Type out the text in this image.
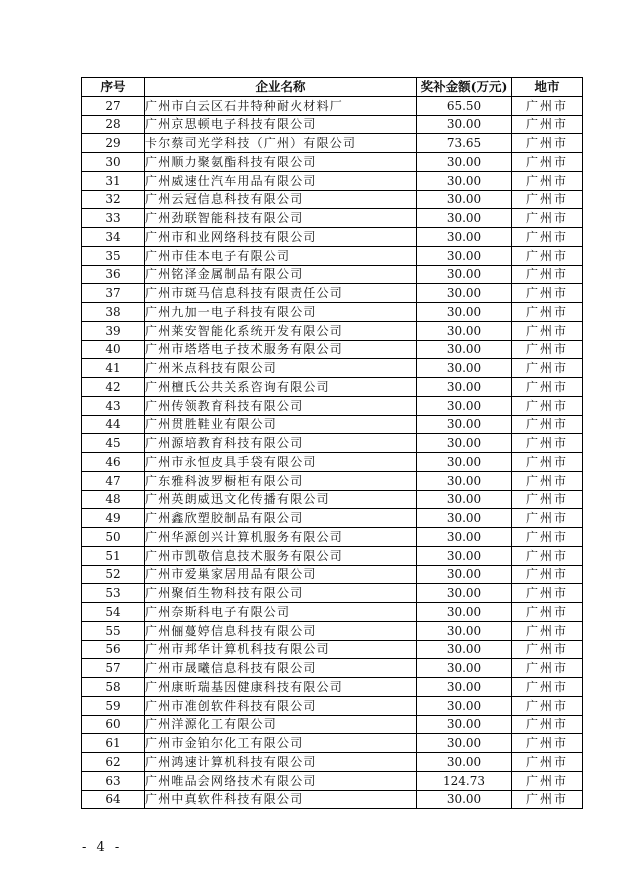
序号	企业名称	奖补金额(万元)	地市
27	广州市白云区石井特种耐火材料厂	65.50	广州市
28	广州京思顿电子科技有限公司	30.00	广州市
29	卡尔蔡司光学科技（广州）有限公司	73.65	广州市
30	广州顺力聚氨酯科技有限公司	30.00	广州市
31	广州威速仕汽车用品有限公司	30.00	广州市
32	广州云冠信息科技有限公司	30.00	广州市
33	广州劲联智能科技有限公司	30.00	广州市
34	广州市和业网络科技有限公司	30.00	广州市
35	广州市佳本电子有限公司	30.00	广州市
36	广州铭泽金属制品有限公司	30.00	广州市
37	广州市斑马信息科技有限责任公司	30.00	广州市
38	广州九加一电子科技有限公司	30.00	广州市
39	广州莱安智能化系统开发有限公司	30.00	广州市
40	广州市塔塔电子技术服务有限公司	30.00	广州市
41	广州米点科技有限公司	30.00	广州市
42	广州檀氏公共关系咨询有限公司	30.00	广州市
43	广州传领教育科技有限公司	30.00	广州市
44	广州贯胜鞋业有限公司	30.00	广州市
45	广州源培教育科技有限公司	30.00	广州市
46	广州市永恒皮具手袋有限公司	30.00	广州市
47	广东雅科波罗橱柜有限公司	30.00	广州市
48	广州英朗威迅文化传播有限公司	30.00	广州市
49	广州鑫欣塑胶制品有限公司	30.00	广州市
50	广州华源创兴计算机服务有限公司	30.00	广州市
51	广州市凯敬信息技术服务有限公司	30.00	广州市
52	广州市爱巢家居用品有限公司	30.00	广州市
53	广州聚佰生物科技有限公司	30.00	广州市
54	广州奈斯科电子有限公司	30.00	广州市
55	广州俪蔓婷信息科技有限公司	30.00	广州市
56	广州市邦华计算机科技有限公司	30.00	广州市
57	广州市晟曦信息科技有限公司	30.00	广州市
58	广州康昕瑞基因健康科技有限公司	30.00	广州市
59	广州市准创软件科技有限公司	30.00	广州市
60	广州洋源化工有限公司	30.00	广州市
61	广州市金铂尔化工有限公司	30.00	广州市
62	广州鸿速计算机科技有限公司	30.00	广州市
63	广州唯品会网络技术有限公司	124.73	广州市
64	广州中真软件科技有限公司	30.00	广州市
- 4 -
